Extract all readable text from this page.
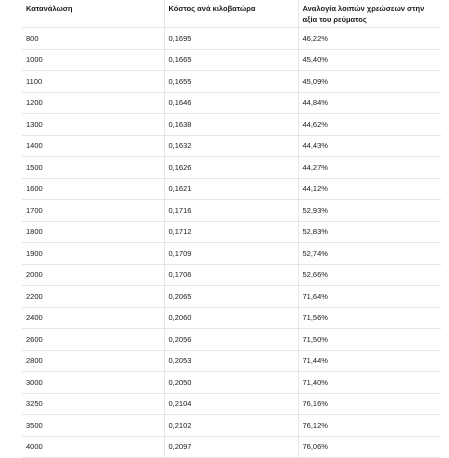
Κατανάλωση	Κόστος ανά κιλοβατώρα	Αναλογία λοιπών χρεώσεων στην αξία του ρεύματος
800	0,1695	46,22%
1000	0,1665	45,40%
1100	0,1655	45,09%
1200	0,1646	44,84%
1300	0,1638	44,62%
1400	0,1632	44,43%
1500	0,1626	44,27%
1600	0,1621	44,12%
1700	0,1716	52,93%
1800	0,1712	52,83%
1900	0,1709	52,74%
2000	0,1706	52,66%
2200	0,2065	71,64%
2400	0,2060	71,56%
2600	0,2056	71,50%
2800	0,2053	71,44%
3000	0,2050	71,40%
3250	0,2104	76,16%
3500	0,2102	76,12%
4000	0,2097	76,06%
